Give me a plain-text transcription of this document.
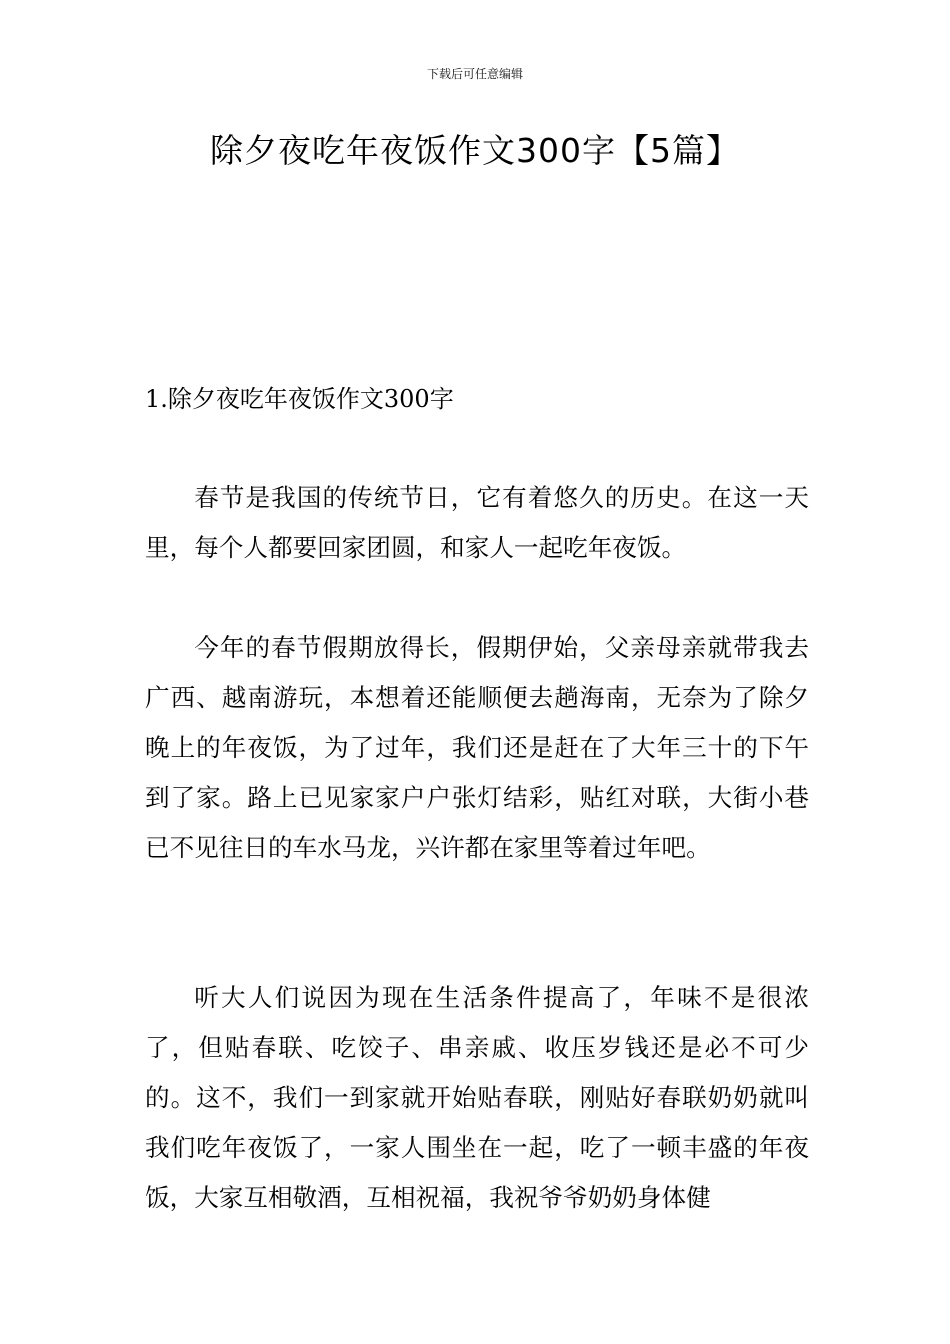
下载后可任意编辑
除夕夜吃年夜饭作文300字【5篇】
1.除夕夜吃年夜饭作文300字

春节是我国的传统节日，它有着悠久的历史。在这一天里，每个人都要回家团圆，和家人一起吃年夜饭。

今年的春节假期放得长，假期伊始，父亲母亲就带我去广西、越南游玩，本想着还能顺便去趟海南，无奈为了除夕晚上的年夜饭，为了过年，我们还是赶在了大年三十的下午到了家。路上已见家家户户张灯结彩，贴红对联，大街小巷已不见往日的车水马龙，兴许都在家里等着过年吧。

听大人们说因为现在生活条件提高了，年味不是很浓了，但贴春联、吃饺子、串亲戚、收压岁钱还是必不可少的。这不，我们一到家就开始贴春联，刚贴好春联奶奶就叫我们吃年夜饭了，一家人围坐在一起，吃了一顿丰盛的年夜饭，大家互相敬酒，互相祝福，我祝爷爷奶奶身体健
